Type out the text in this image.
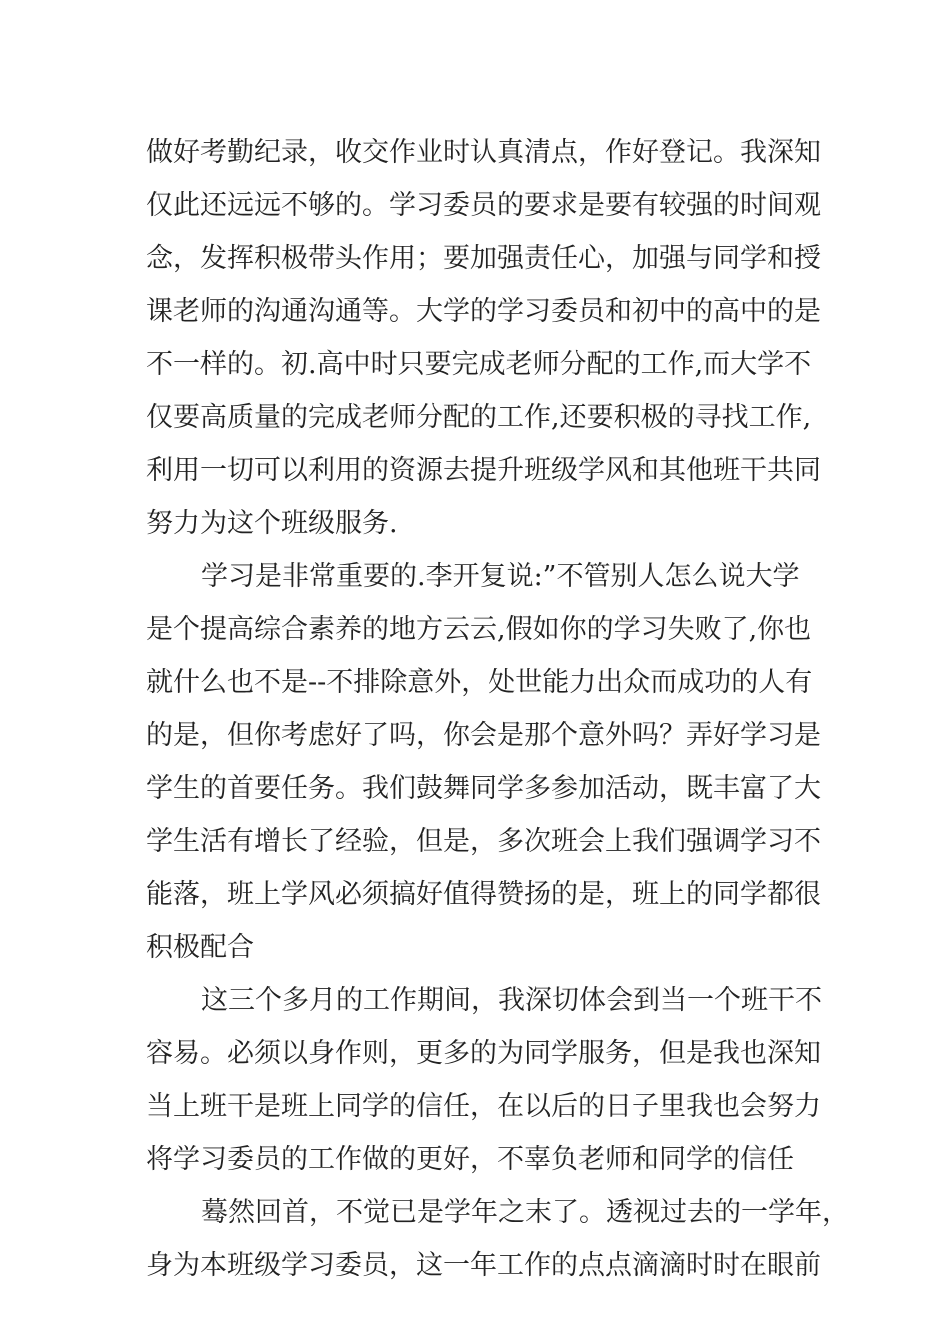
做好考勤纪录，收交作业时认真清点，作好登记。我深知
仅此还远远不够的。学习委员的要求是要有较强的时间观
念，发挥积极带头作用；要加强责任心，加强与同学和授
课老师的沟通沟通等。大学的学习委员和初中的高中的是
不一样的。初.高中时只要完成老师分配的工作,而大学不
仅要高质量的完成老师分配的工作,还要积极的寻找工作,
利用一切可以利用的资源去提升班级学风和其他班干共同
努力为这个班级服务.
学习是非常重要的.李开复说:”不管别人怎么说大学
是个提高综合素养的地方云云,假如你的学习失败了,你也
就什么也不是--不排除意外，处世能力出众而成功的人有
的是，但你考虑好了吗，你会是那个意外吗？弄好学习是
学生的首要任务。我们鼓舞同学多参加活动，既丰富了大
学生活有增长了经验，但是，多次班会上我们强调学习不
能落，班上学风必须搞好值得赞扬的是，班上的同学都很
积极配合
这三个多月的工作期间，我深切体会到当一个班干不
容易。必须以身作则，更多的为同学服务，但是我也深知
当上班干是班上同学的信任，在以后的日子里我也会努力
将学习委员的工作做的更好，不辜负老师和同学的信任
蓦然回首，不觉已是学年之末了。透视过去的一学年，
身为本班级学习委员，这一年工作的点点滴滴时时在眼前
